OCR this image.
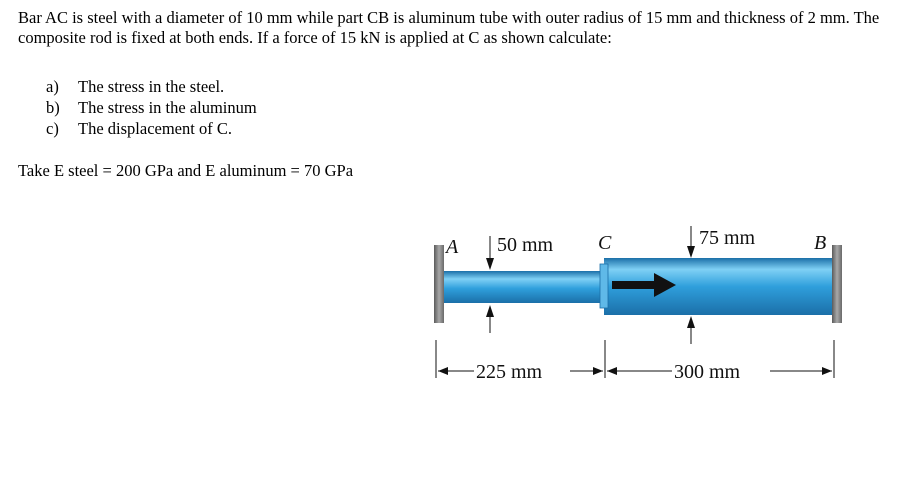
Bar AC is steel with a diameter of 10 mm while part CB is aluminum tube with outer radius of 15 mm and thickness of 2 mm. The composite rod is fixed at both ends. If a force of 15 kN is applied at C as shown calculate:

a)	The stress in the steel.
b)	The stress in the aluminum
c)	The displacement of C.

Take E steel = 200 GPa and E aluminum = 70 GPa

A	C	B
50 mm	75 mm
225 mm	300 mm
